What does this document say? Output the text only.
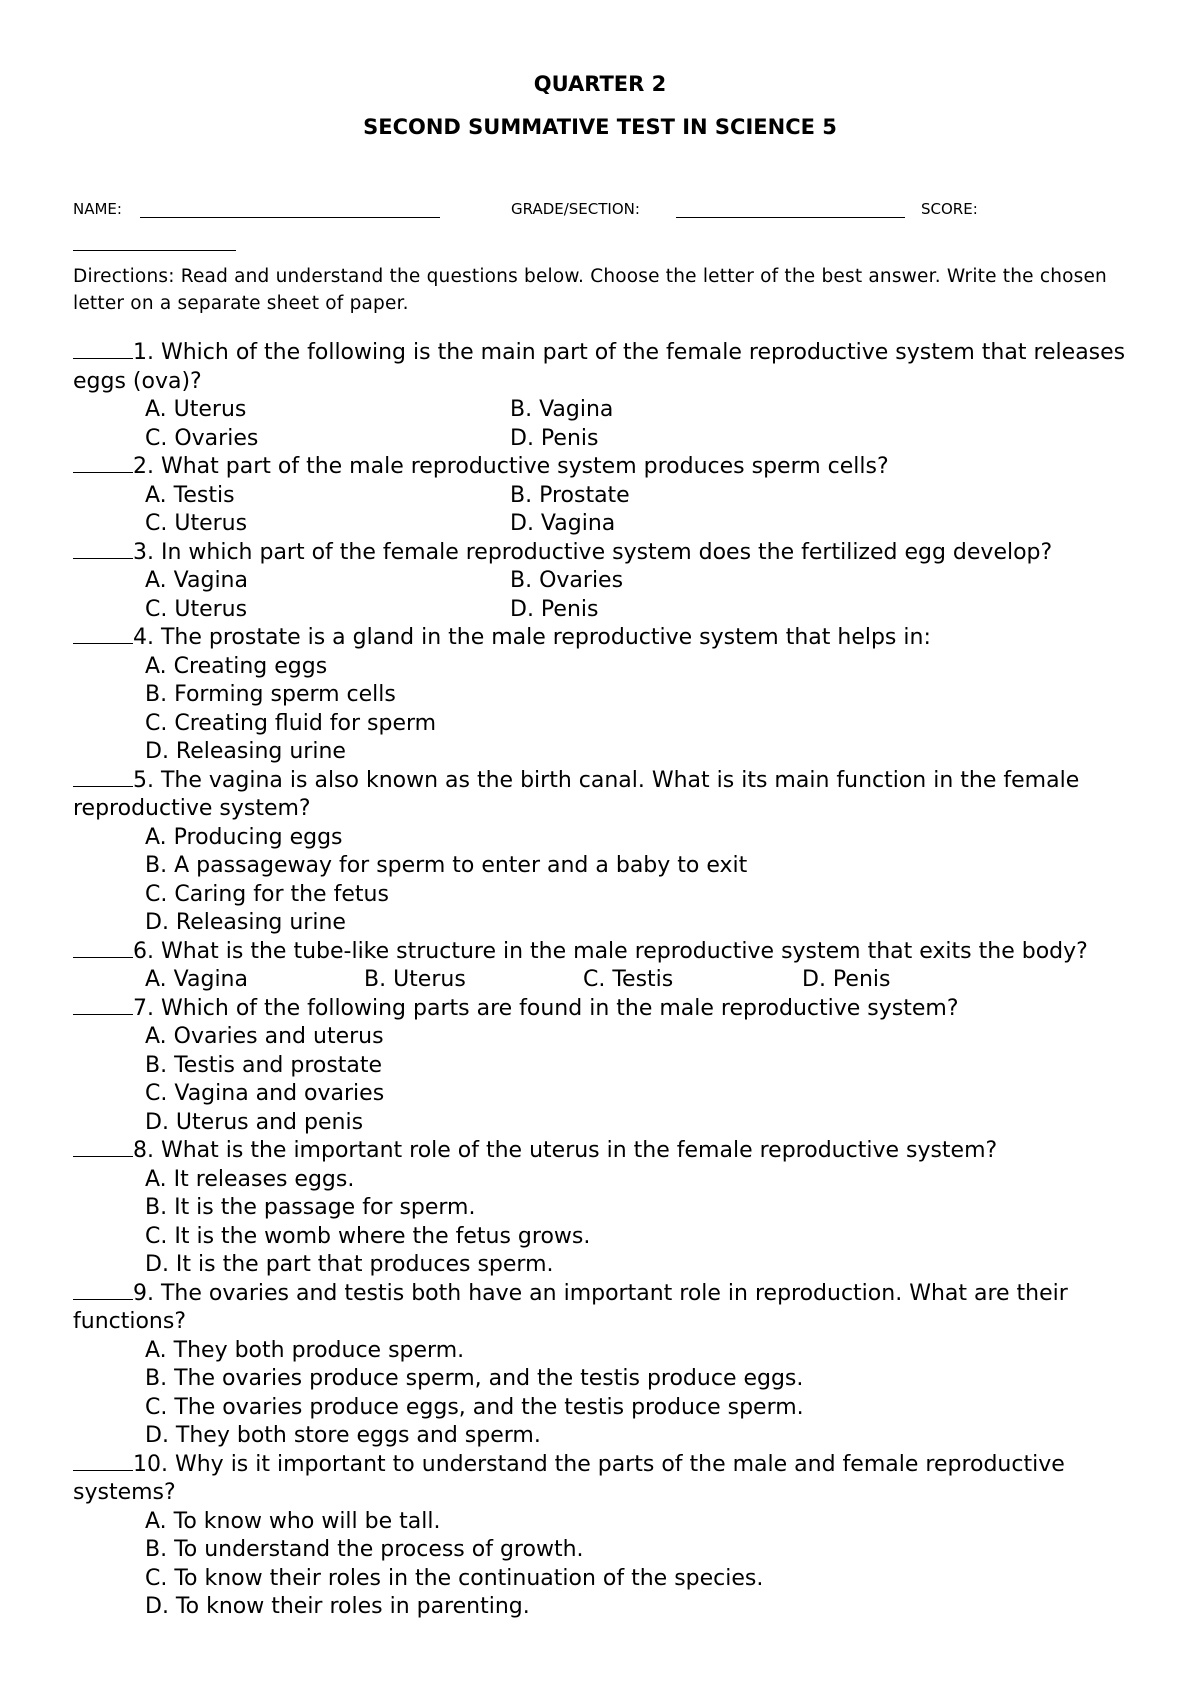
QUARTER 2
SECOND SUMMATIVE TEST IN SCIENCE 5
NAME:	GRADE/SECTION:	SCORE:
Directions: Read and understand the questions below. Choose the letter of the best answer. Write the chosen letter on a separate sheet of paper.
1. Which of the following is the main part of the female reproductive system that releases eggs (ova)?
A. Uterus	B. Vagina
C. Ovaries	D. Penis
2. What part of the male reproductive system produces sperm cells?
A. Testis	B. Prostate
C. Uterus	D. Vagina
3. In which part of the female reproductive system does the fertilized egg develop?
A. Vagina	B. Ovaries
C. Uterus	D. Penis
4. The prostate is a gland in the male reproductive system that helps in:
A. Creating eggs
B. Forming sperm cells
C. Creating fluid for sperm
D. Releasing urine
5. The vagina is also known as the birth canal. What is its main function in the female reproductive system?
A. Producing eggs
B. A passageway for sperm to enter and a baby to exit
C. Caring for the fetus
D. Releasing urine
6. What is the tube-like structure in the male reproductive system that exits the body?
A. Vagina	B. Uterus	C. Testis	D. Penis
7. Which of the following parts are found in the male reproductive system?
A. Ovaries and uterus
B. Testis and prostate
C. Vagina and ovaries
D. Uterus and penis
8. What is the important role of the uterus in the female reproductive system?
A. It releases eggs.
B. It is the passage for sperm.
C. It is the womb where the fetus grows.
D. It is the part that produces sperm.
9. The ovaries and testis both have an important role in reproduction. What are their functions?
A. They both produce sperm.
B. The ovaries produce sperm, and the testis produce eggs.
C. The ovaries produce eggs, and the testis produce sperm.
D. They both store eggs and sperm.
10. Why is it important to understand the parts of the male and female reproductive systems?
A. To know who will be tall.
B. To understand the process of growth.
C. To know their roles in the continuation of the species.
D. To know their roles in parenting.
